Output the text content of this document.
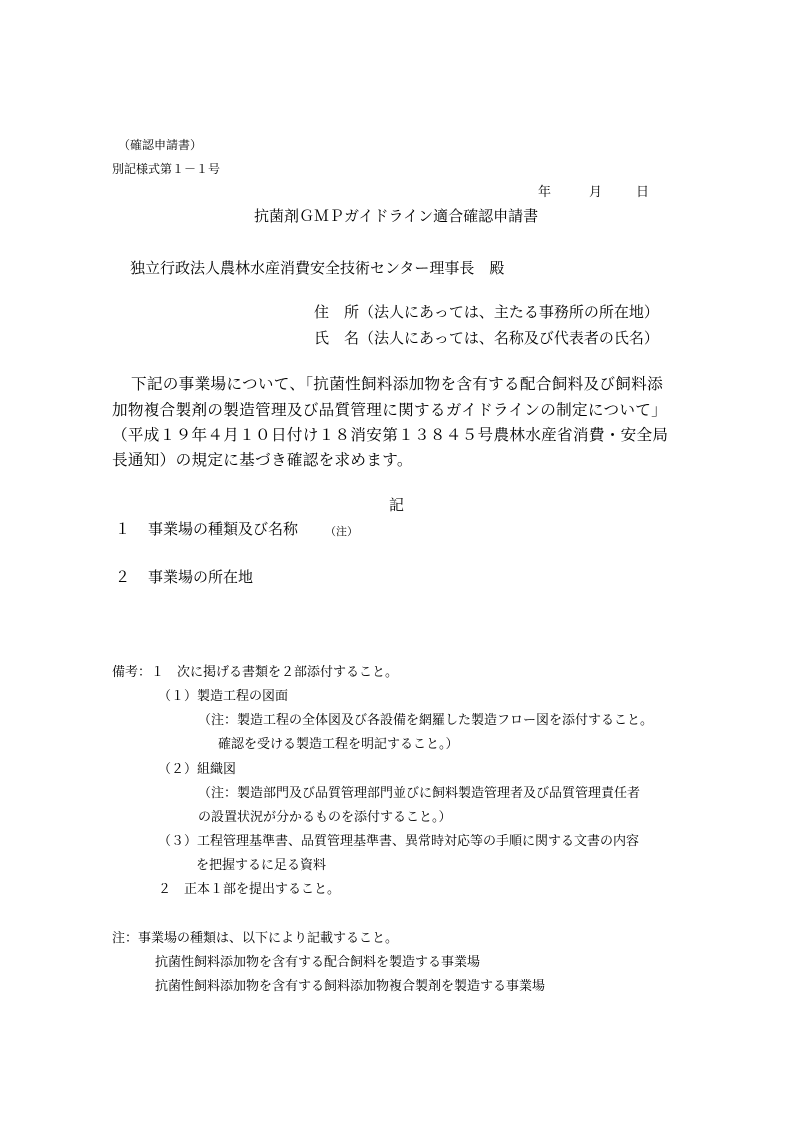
（確認申請書）
別記様式第１－１号
年	月	日
抗菌剤ＧＭＰガイドライン適合確認申請書
独立行政法人農林水産消費安全技術センター理事長　殿
住　所（法人にあっては、主たる事務所の所在地）
氏　名（法人にあっては、名称及び代表者の氏名）
下記の事業場について、「抗菌性飼料添加物を含有する配合飼料及び飼料添
加物複合製剤の製造管理及び品質管理に関するガイドラインの制定について」
（平成１９年４月１０日付け１８消安第１３８４５号農林水産省消費・安全局
長通知）の規定に基づき確認を求めます。
記
１ 事業場の種類及び名称 （注）
２ 事業場の所在地
備考：１　次に掲げる書類を２部添付すること。
（１）製造工程の図面
（注：製造工程の全体図及び各設備を網羅した製造フロー図を添付すること。
確認を受ける製造工程を明記すること。）
（２）組織図
（注：製造部門及び品質管理部門並びに飼料製造管理者及び品質管理責任者
の設置状況が分かるものを添付すること。）
（３）工程管理基準書、品質管理基準書、異常時対応等の手順に関する文書の内容
を把握するに足る資料
２　正本１部を提出すること。
注：事業場の種類は、以下により記載すること。
抗菌性飼料添加物を含有する配合飼料を製造する事業場
抗菌性飼料添加物を含有する飼料添加物複合製剤を製造する事業場
